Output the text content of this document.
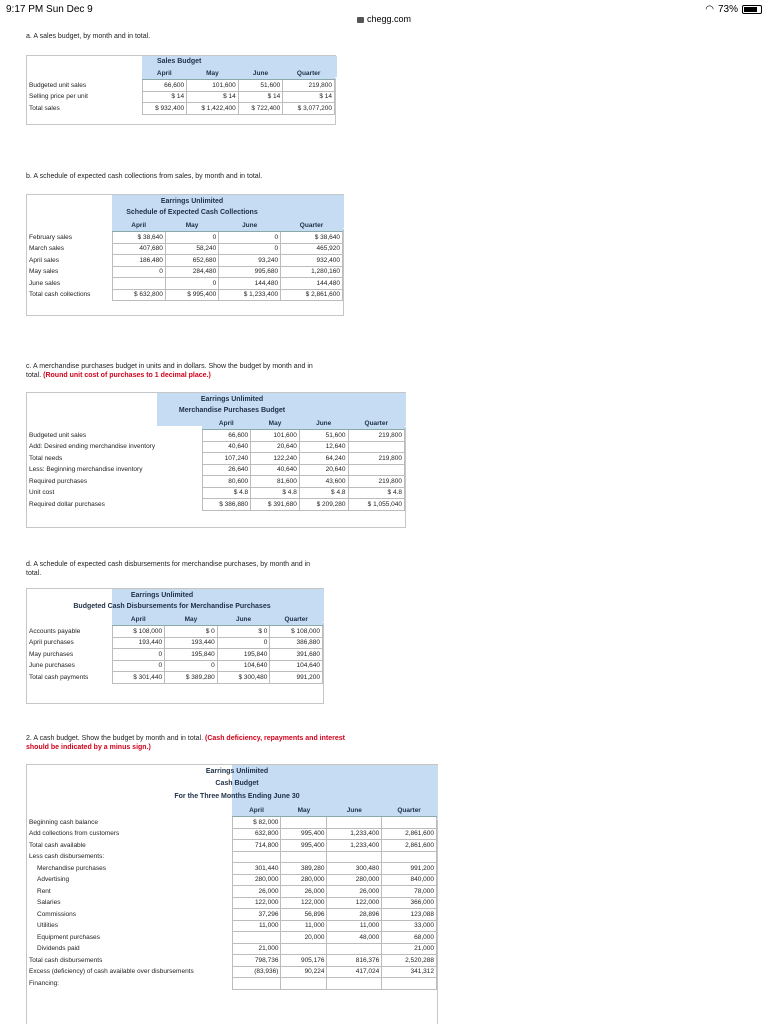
9:17 PM Sun Dec 9	◠ 73%
chegg.com
a. A sales budget, by month and in total.
Sales Budget
	April	May	June	Quarter
Budgeted unit sales	66,600	101,600	51,600	219,800
Selling price per unit	$ 14	$ 14	$ 14	$ 14
Total sales	$ 932,400	$ 1,422,400	$ 722,400	$ 3,077,200
b. A schedule of expected cash collections from sales, by month and in total.
Earrings Unlimited
Schedule of Expected Cash Collections
	April	May	June	Quarter
February sales	$ 38,640	0	0	$ 38,640
March sales	407,680	58,240	0	465,920
April sales	186,480	652,680	93,240	932,400
May sales	0	284,480	995,680	1,280,160
June sales		0	144,480	144,480
Total cash collections	$ 632,800	$ 995,400	$ 1,233,400	$ 2,861,600
c. A merchandise purchases budget in units and in dollars. Show the budget by month and in
total. (Round unit cost of purchases to 1 decimal place.)
Earrings Unlimited
Merchandise Purchases Budget
	April	May	June	Quarter
Budgeted unit sales	66,600	101,600	51,600	219,800
Add: Desired ending merchandise inventory	40,640	20,640	12,640	
Total needs	107,240	122,240	64,240	219,800
Less: Beginning merchandise inventory	26,640	40,640	20,640	
Required purchases	80,600	81,600	43,600	219,800
Unit cost	$ 4.8	$ 4.8	$ 4.8	$ 4.8
Required dollar purchases	$ 386,880	$ 391,680	$ 209,280	$ 1,055,040
d. A schedule of expected cash disbursements for merchandise purchases, by month and in
total.
Earrings Unlimited
Budgeted Cash Disbursements for Merchandise Purchases
	April	May	June	Quarter
Accounts payable	$ 108,000	$ 0	$ 0	$ 108,000
April purchases	193,440	193,440	0	386,880
May purchases	0	195,840	195,840	391,680
June purchases	0	0	104,640	104,640
Total cash payments	$ 301,440	$ 389,280	$ 300,480	991,200
2. A cash budget. Show the budget by month and in total. (Cash deficiency, repayments and interest
should be indicated by a minus sign.)
Earrings Unlimited
Cash Budget
For the Three Months Ending June 30
	April	May	June	Quarter
Beginning cash balance	$ 82,000			
Add collections from customers	632,800	995,400	1,233,400	2,861,600
Total cash available	714,800	995,400	1,233,400	2,861,600
Less cash disbursements:				
Merchandise purchases	301,440	389,280	300,480	991,200
Advertising	280,000	280,000	280,000	840,000
Rent	26,000	26,000	26,000	78,000
Salaries	122,000	122,000	122,000	366,000
Commissions	37,296	56,896	28,896	123,088
Utilities	11,000	11,000	11,000	33,000
Equipment purchases		20,000	48,000	68,000
Dividends paid	21,000			21,000
Total cash disbursements	798,736	905,176	816,376	2,520,288
Excess (deficiency) of cash available over disbursements	(83,936)	90,224	417,024	341,312
Financing:				
